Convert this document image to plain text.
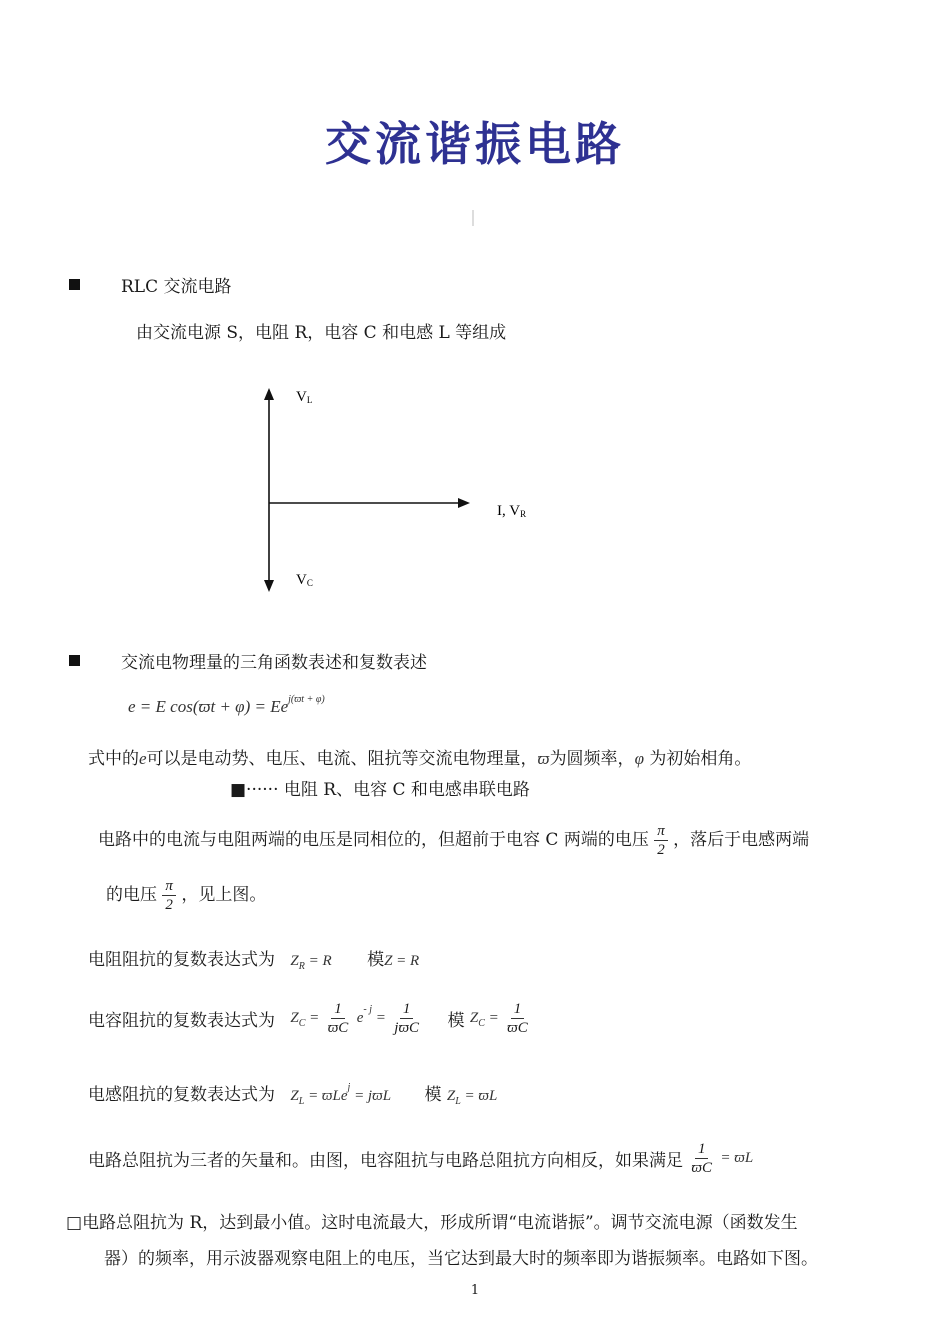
交流谐振电路
RLC 交流电路
由交流电源 S，电阻 R，电容 C 和电感 L 等组成
VL
I, VR
VC
交流电物理量的三角函数表述和复数表述
e = E $\cos(ϖt + \varphi) = Ee^{j(ϖt + \varphi)}$
式中的e可以是电动势、电压、电流、阻抗等交流电物理量，ϖ为圆频率，φ 为初始相角。
■······ 电阻 R、电容 C 和电感串联电路
电路中的电流与电阻两端的电压是同相位的，但超前于电容 C 两端的电压 $\frac{\pi}{2}$ ，落后于电感两端
的电压 $\frac{\pi}{2}$ ，见上图。
电阻阻抗的复数表达式为 $Z_R = R$ 模Z = R
电容阻抗的复数表达式为 $Z_C = \frac{1}{ϖC} e^{- j} = \frac{1}{\text{jϖC}}$ 模 $Z_C = \frac{1}{ϖC}$
电感阻抗的复数表达式为 $Z_L = ϖLe^j = jϖL$ 模 $Z_L = ϖL$
电路总阻抗为三者的矢量和。由图，电容阻抗与电路总阻抗方向相反，如果满足 $\frac{1}{ϖC} = ϖL$
□电路总阻抗为 R，达到最小值。这时电流最大，形成所谓“电流谐振”。调节交流电源（函数发生
器）的频率，用示波器观察电阻上的电压，当它达到最大时的频率即为谐振频率。电路如下图。
1
